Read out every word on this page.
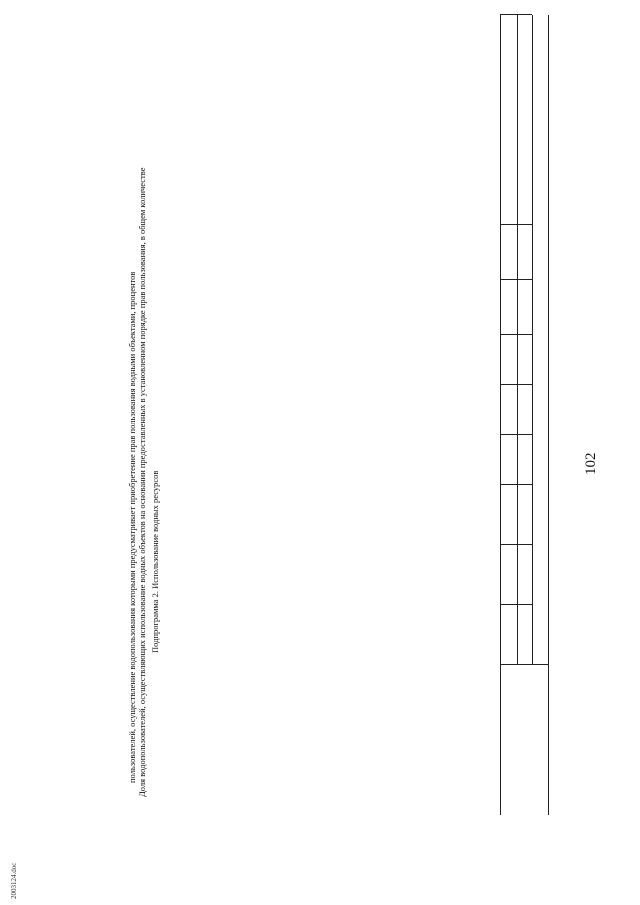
102
2003124.doc
Подпрограмма 2. Использование водных ресурсов
Доля водопользователей, осуществляющих использование водных объектов на основании предоставленных в установленном порядке прав пользования, в общем количестве
пользователей, осуществление водопользования которыми предусматривает приобретение прав пользования водными объектами, процентов
